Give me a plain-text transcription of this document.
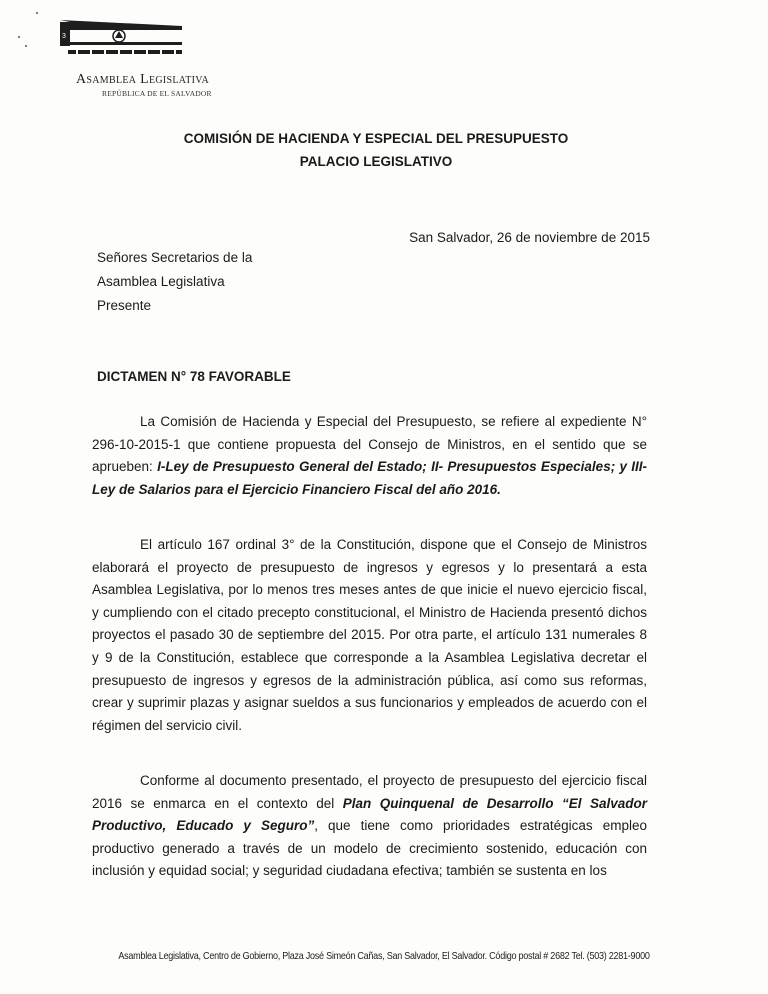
3
Asamblea Legislativa
REPÚBLICA DE EL SALVADOR
COMISIÓN DE HACIENDA Y ESPECIAL DEL PRESUPUESTO
PALACIO LEGISLATIVO
San Salvador, 26 de noviembre de 2015
Señores Secretarios de la
Asamblea Legislativa
Presente
DICTAMEN N° 78 FAVORABLE

La Comisión de Hacienda y Especial del Presupuesto, se refiere al expediente N° 296-10-2015-1 que contiene propuesta del Consejo de Ministros, en el sentido que se aprueben: I-Ley de Presupuesto General del Estado; II- Presupuestos Especiales; y III- Ley de Salarios para el Ejercicio Financiero Fiscal del año 2016.

El artículo 167 ordinal 3° de la Constitución, dispone que el Consejo de Ministros elaborará el proyecto de presupuesto de ingresos y egresos y lo presentará a esta Asamblea Legislativa, por lo menos tres meses antes de que inicie el nuevo ejercicio fiscal, y cumpliendo con el citado precepto constitucional, el Ministro de Hacienda presentó dichos proyectos el pasado 30 de septiembre del 2015. Por otra parte, el artículo 131 numerales 8 y 9 de la Constitución, establece que corresponde a la Asamblea Legislativa decretar el presupuesto de ingresos y egresos de la administración pública, así como sus reformas, crear y suprimir plazas y asignar sueldos a sus funcionarios y empleados de acuerdo con el régimen del servicio civil.

Conforme al documento presentado, el proyecto de presupuesto del ejercicio fiscal 2016 se enmarca en el contexto del Plan Quinquenal de Desarrollo “El Salvador Productivo, Educado y Seguro”, que tiene como prioridades estratégicas empleo productivo generado a través de un modelo de crecimiento sostenido, educación con inclusión y equidad social; y seguridad ciudadana efectiva; también se sustenta en los

Asamblea Legislativa, Centro de Gobierno, Plaza José Simeón Cañas, San Salvador, El Salvador. Código postal # 2682 Tel. (503) 2281-9000
